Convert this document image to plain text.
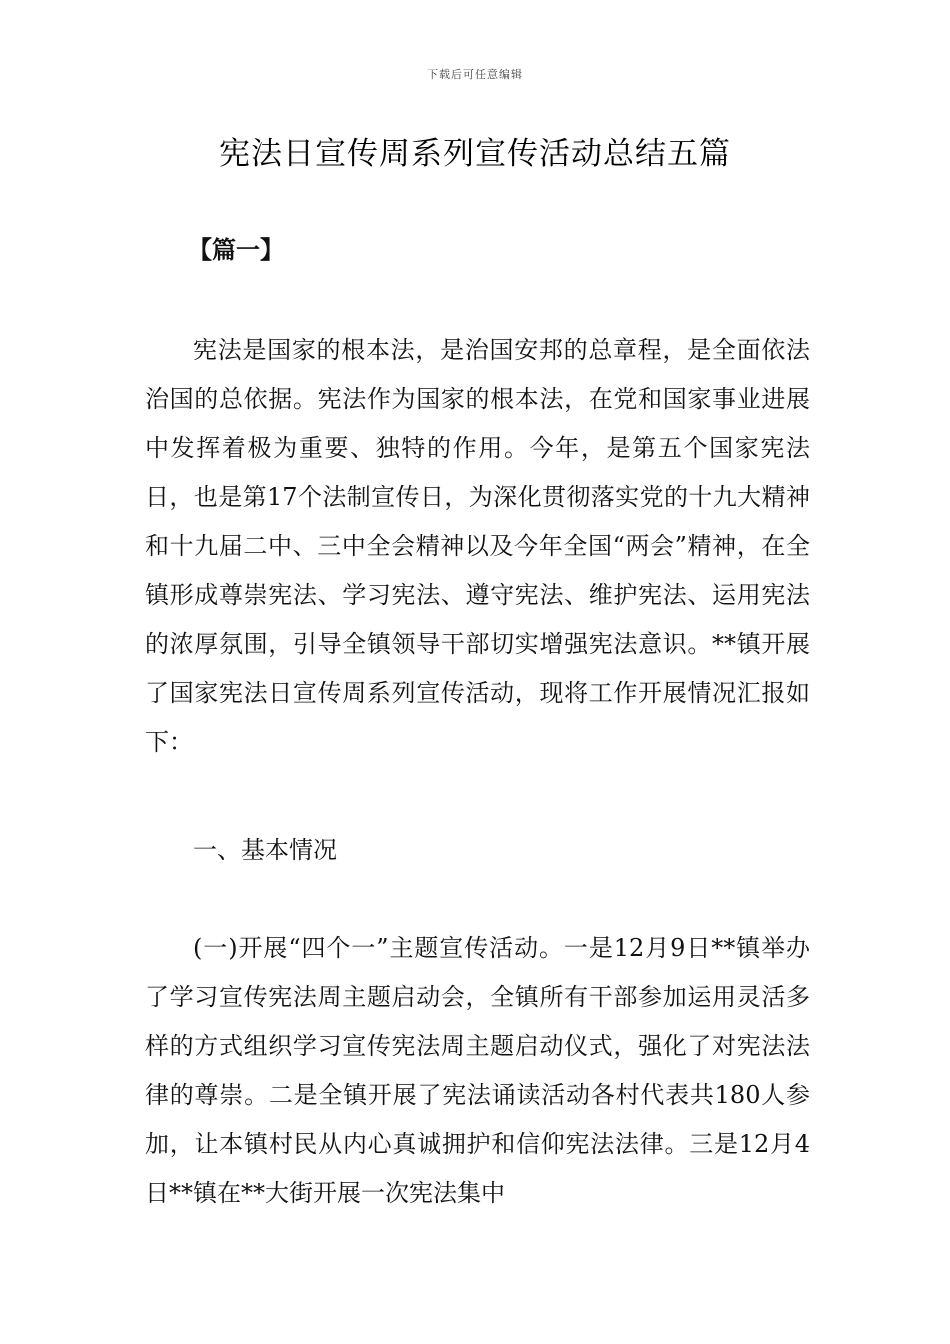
下载后可任意编辑
宪法日宣传周系列宣传活动总结五篇
【篇一】

宪法是国家的根本法，是治国安邦的总章程，是全面依法治国的总依据。宪法作为国家的根本法，在党和国家事业进展中发挥着极为重要、独特的作用。今年，是第五个国家宪法日，也是第17个法制宣传日，为深化贯彻落实党的十九大精神和十九届二中、三中全会精神以及今年全国“两会”精神，在全镇形成尊崇宪法、学习宪法、遵守宪法、维护宪法、运用宪法的浓厚氛围，引导全镇领导干部切实增强宪法意识。**镇开展了国家宪法日宣传周系列宣传活动，现将工作开展情况汇报如下：

一、基本情况

(一)开展“四个一”主题宣传活动。一是12月9日**镇举办了学习宣传宪法周主题启动会，全镇所有干部参加运用灵活多样的方式组织学习宣传宪法周主题启动仪式，强化了对宪法法律的尊崇。二是全镇开展了宪法诵读活动各村代表共180人参加，让本镇村民从内心真诚拥护和信仰宪法法律。三是12月4日**镇在**大街开展一次宪法集中
